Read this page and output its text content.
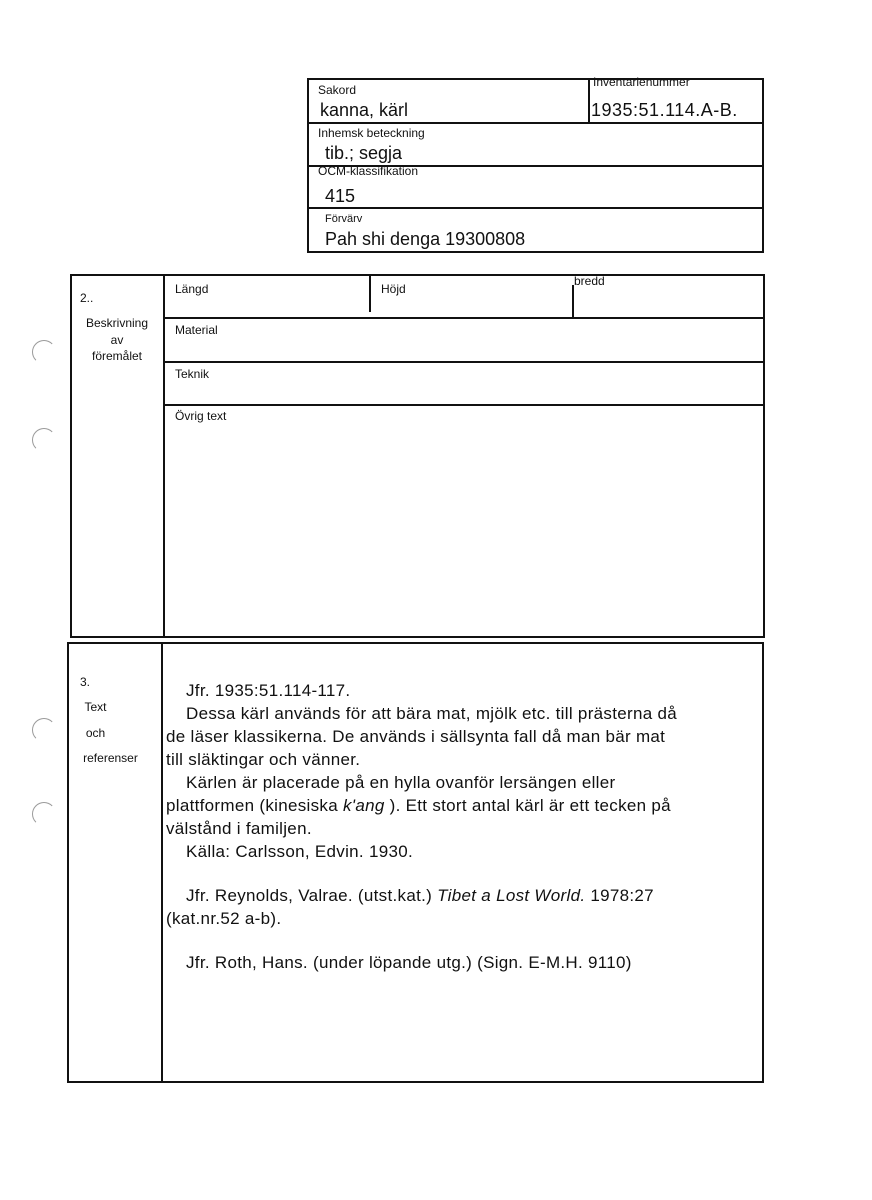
Sakord
kanna, kärl
Inventarienummer
1935:51.114.A-B.
Inhemsk beteckning
tib.; segja
OCM-klassifikation
415
Förvärv
Pah shi denga 19300808
2..
Beskrivning
av
föremålet
Längd	Höjd
bredd
Material
Teknik
Övrig text
3.
Text
och
referenser
Jfr. 1935:51.114-117.
Dessa kärl används för att bära mat, mjölk etc. till prästerna då
de läser klassikerna. De används i sällsynta fall då man bär mat
till släktingar och vänner.
Kärlen är placerade på en hylla ovanför lersängen eller
plattformen (kinesiska k'ang ). Ett stort antal kärl är ett tecken på
välstånd i familjen.
Källa: Carlsson, Edvin. 1930.
Jfr. Reynolds, Valrae. (utst.kat.) Tibet a Lost World. 1978:27
(kat.nr.52 a-b).
Jfr. Roth, Hans. (under löpande utg.) (Sign. E-M.H. 9110)
